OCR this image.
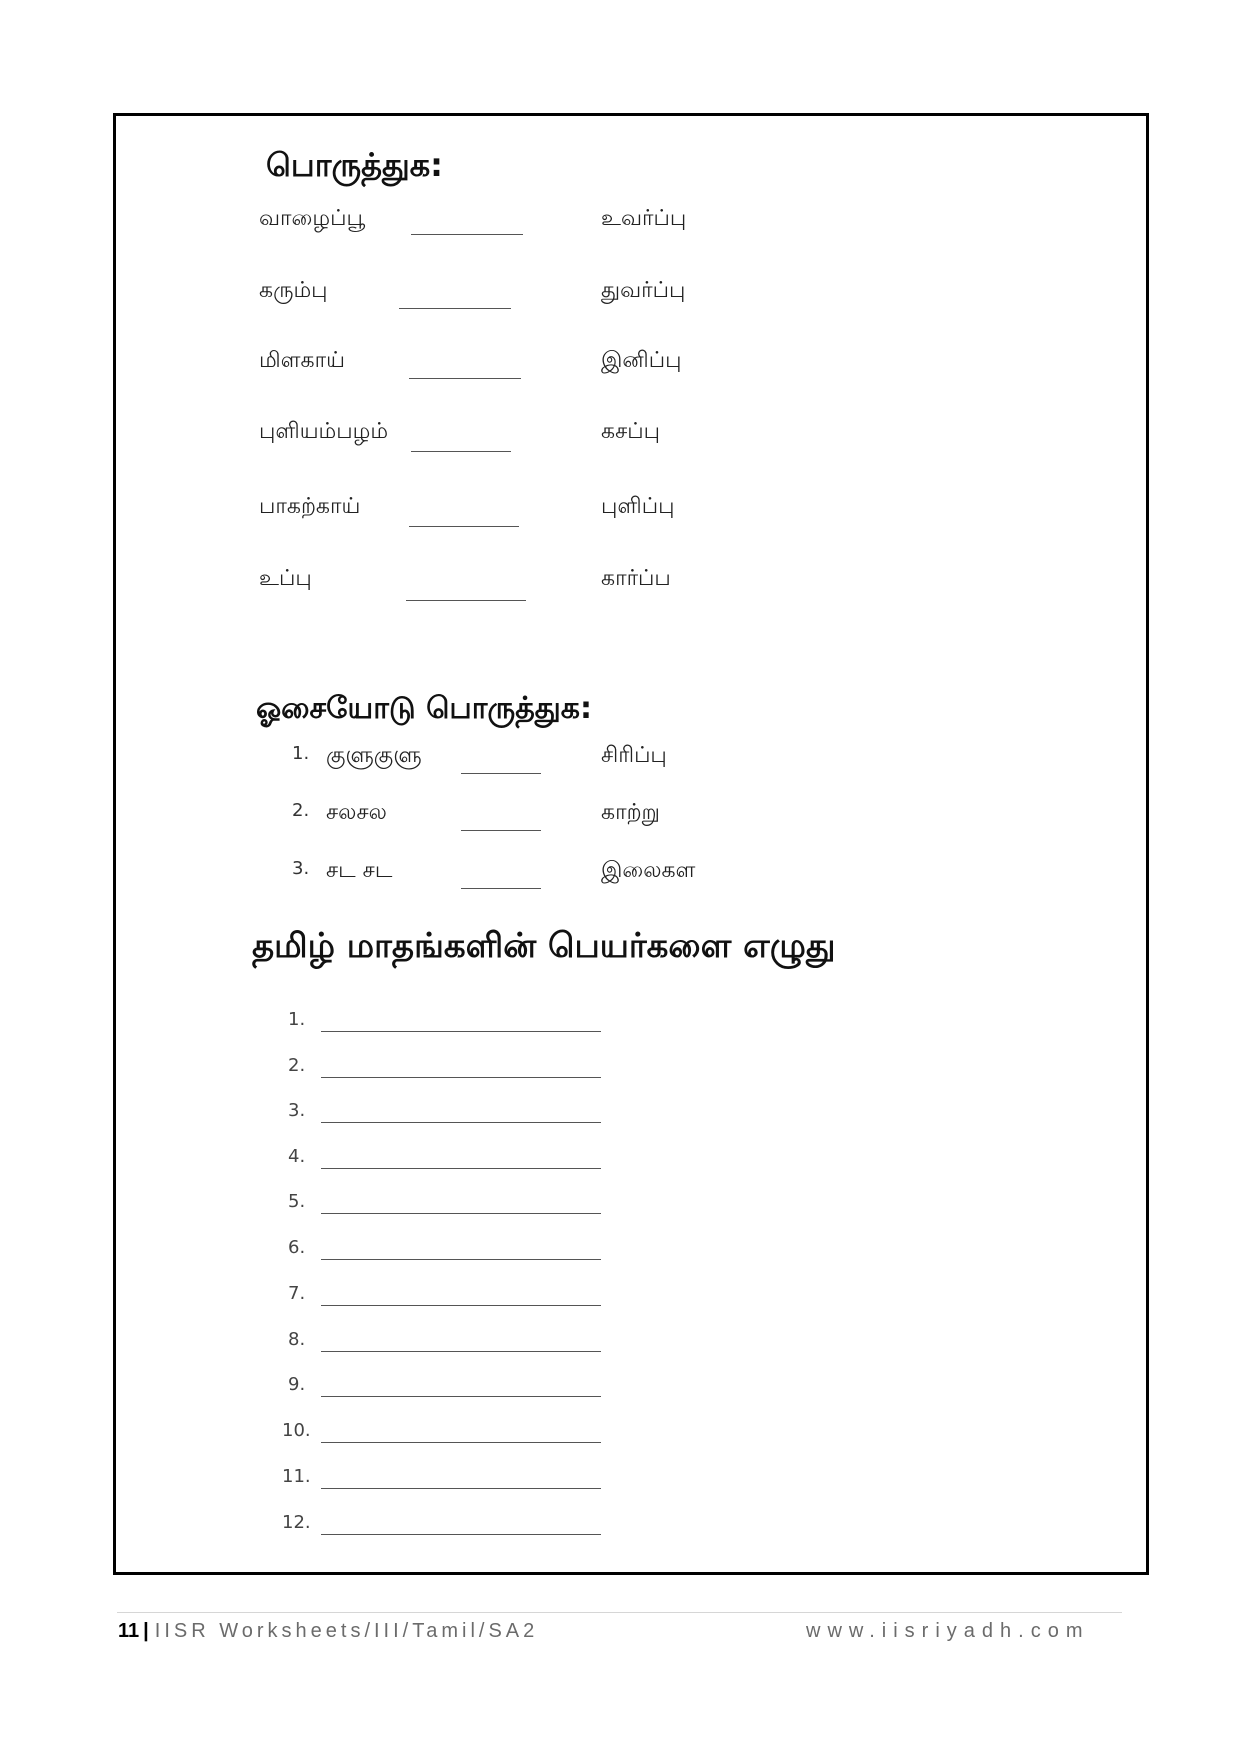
பொருத்துக:
வாழைப்பூ	உவர்ப்பு
கரும்பு	துவர்ப்பு
மிளகாய்	இனிப்பு
புளியம்பழம்	கசப்பு
பாகற்காய்	புளிப்பு
உப்பு	கார்ப்ப
ஓசையோடு பொருத்துக:
1. குளுகுளு	சிரிப்பு
2. சலசல	காற்று
3. சட சட	இலைகள
தமிழ் மாதங்களின் பெயர்களை எழுது
1.
2.
3.
4.
5.
6.
7.
8.
9.
10.
11.
12.
11 | IISR Worksheets/III/Tamil/SA2	www.iisriyadh.com
